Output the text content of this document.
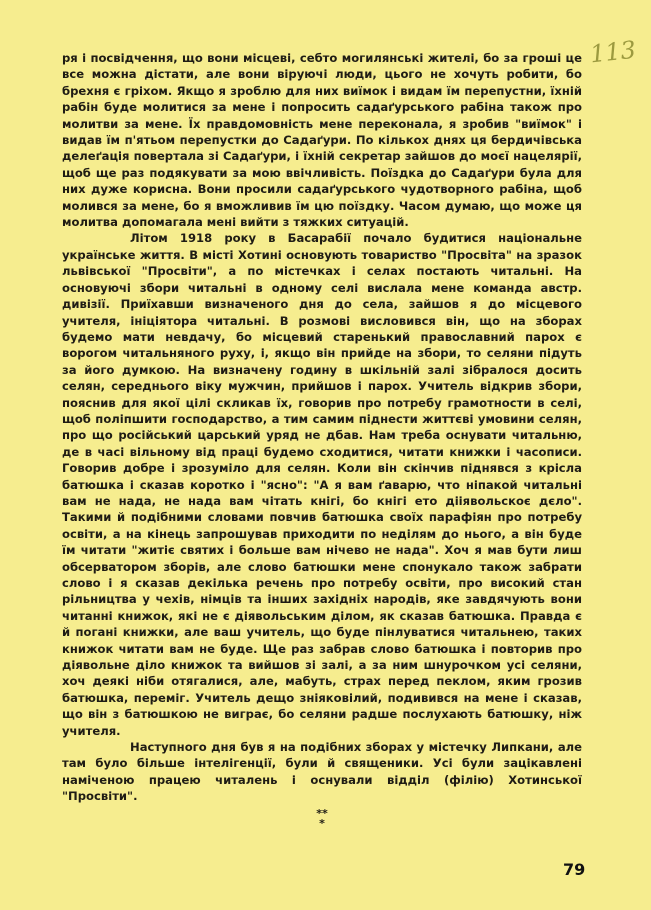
113

ря і посвідчення, що вони місцеві, себто могилянські жителі, бо за гроші це все можна дістати, але вони віруючі люди, цього не хочуть робити, бо брехня є гріхом. Якщо я зроблю для них виїмок і видам їм перепустни, їхній рабін буде молитися за мене і попросить садаґурського рабіна також про молитви за мене. Їх правдомовність мене переконала, я зробив "виїмок" і видав їм п'ятьом перепустки до Садаґури. По кількох днях ця бердичівська делеґація повертала зі Садаґури, і їхній секретар зайшов до моєї нацелярії, щоб ще раз подякувати за мою ввічливість. Поїздка до Садаґури була для них дуже корисна. Вони просили садаґурського чудотворного рабіна, щоб молився за мене, бо я вможливив їм цю поїздку. Часом думаю, що може ця молитва допомагала мені вийти з тяжких ситуацій.

Літом 1918 року в Басарабії почало будитися національне українське життя. В місті Хотині основують товариство "Просвіта" на зразок львівської "Просвіти", а по містечках і селах постають читальні. На основуючі збори читальні в одному селі вислала мене команда австр. дивізії. Приїхавши визначеного дня до села, зайшов я до місцевого учителя, ініціятора читальні. В розмові висловився він, що на зборах будемо мати невдачу, бо місцевий старенький православний парох є ворогом читальняного руху, і, якщо він прийде на збори, то селяни підуть за його думкою. На визначену годину в шкільній залі зібралося досить селян, середнього віку мужчин, прийшов і парох. Учитель відкрив збори, пояснив для якої цілі скликав їх, говорив про потребу грамотности в селі, щоб поліпшити господарство, а тим самим піднести життєві умовини селян, про що російський царський уряд не дбав. Нам треба оснувати читальню, де в часі вільному від праці будемо сходитися, читати книжки і часописи. Говорив добре і зрозуміло для селян. Коли він скінчив піднявся з крісла батюшка і сказав коротко і "ясно": "А я вам ґаварю, что ніпакой читальні вам не нада, не нада вам чітать кнігі, бо кнігі ето дііявольскоє дєло". Такими й подібними словами повчив батюшка своїх парафіян про потребу освіти, а на кінець запрошував приходити по неділям до нього, а він буде їм читати "житіє святих і больше вам нічево не нада". Хоч я мав бути лиш обсерватором зборів, але слово батюшки мене спонукало також забрати слово і я сказав декілька речень про потребу освіти, про високий стан рільництва у чехів, німців та інших західніх народів, яке завдячують вони читанні книжок, які не є діявольським ділом, як сказав батюшка. Правда є й погані книжки, але ваш учитель, що буде пінлуватися читальнею, таких книжок читати вам не буде. Ще раз забрав слово батюшка і повторив про діявольне діло книжок та вийшов зі залі, а за ним шнурочком усі селяни, хоч деякі ніби отягалися, але, мабуть, страх перед пеклом, яким грозив батюшка, переміг. Учитель дещо зніяковілий, подивився на мене і сказав, що він з батюшкою не виграє, бо селяни радше послухають батюшку, ніж учителя.

Наступного дня був я на подібних зборах у містечку Липкани, але там було більше інтелігенції, були й священики. Усі були зацікавлені наміченою працею читалень і оснували відділ (філію) Хотинської "Просвіти".

**
*
79
